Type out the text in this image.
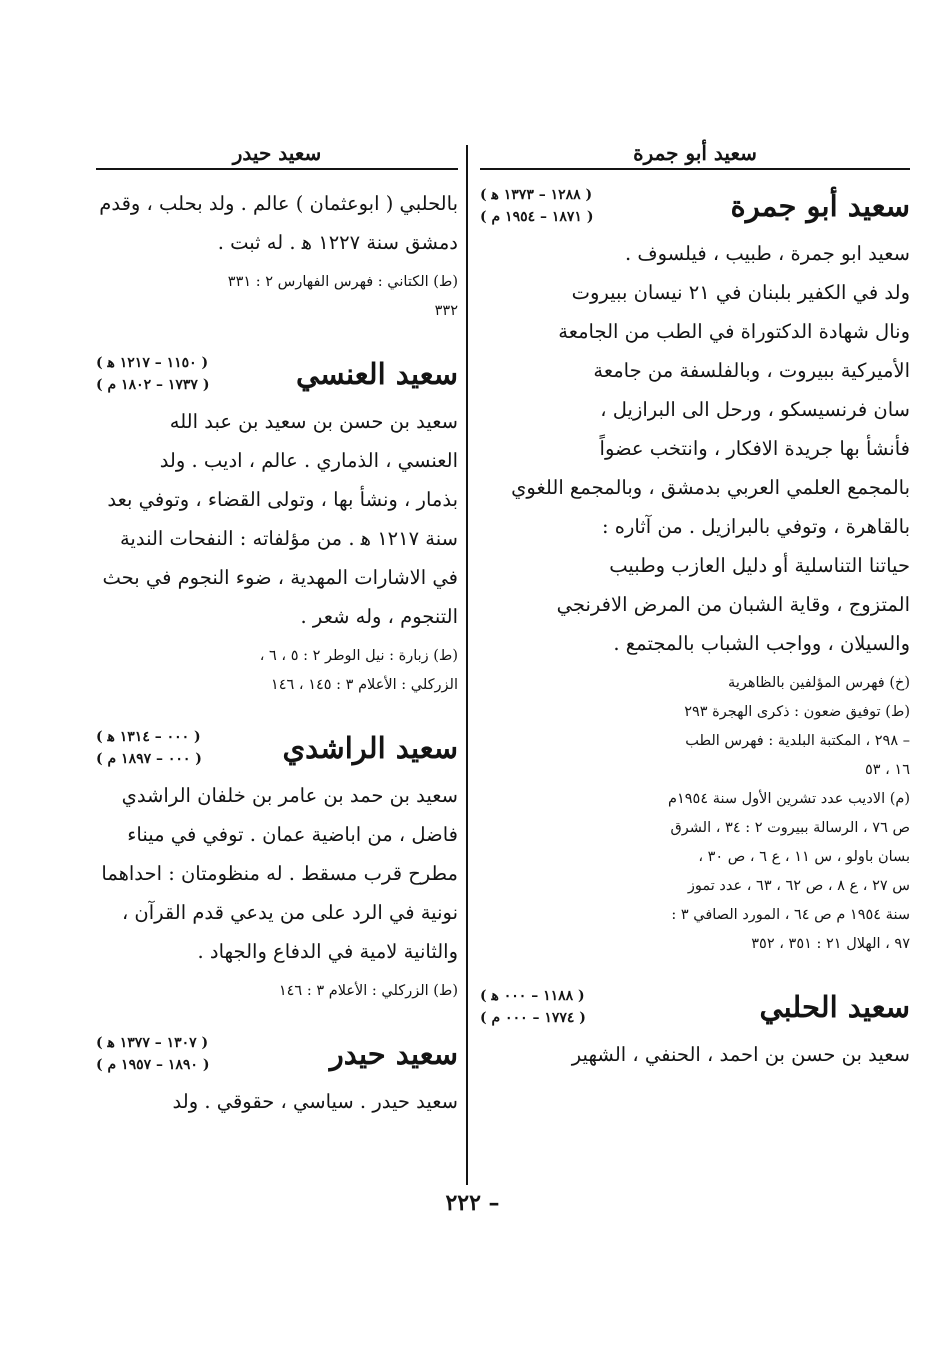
سعيد أبو جمرة
سعيد أبو جمرة
( ١٢٨٨ – ١٣٧٣ ﻫ )
( ١٨٧١ – ١٩٥٤ م )

سعيد ابو جمرة ، طبيب ، فيلسوف .

ولد في الكفير بلبنان في ٢١ نيسان ببيروت

ونال شهادة الدكتوراة في الطب من الجامعة

الأميركية ببيروت ، وبالفلسفة من جامعة

سان فرنسيسكو ، ورحل الى البرازيل ،

فأنشأ بها جريدة الافكار ، وانتخب عضواً

بالمجمع العلمي العربي بدمشق ، وبالمجمع اللغوي

بالقاهرة ، وتوفي بالبرازيل . من آثاره :

حياتنا التناسلية أو دليل العازب وطبيب

المتزوج ، وقاية الشبان من المرض الافرنجي

والسيلان ، وواجب الشباب بالمجتمع .

(خ) فهرس المؤلفين بالظاهرية

(ط) توفيق ضعون : ذكرى الهجرة ٢٩٣

– ٢٩٨ ، المكتبة البلدية : فهرس الطب

١٦ ، ٥٣

(م) الاديب عدد تشرين الأول سنة ١٩٥٤م

ص ٧٦ ، الرسالة ببيروت ٢ : ٣٤ ، الشرق

بسان باولو ، س ١١ ، ع ٦ ، ص ٣٠ ،

س ٢٧ ، ع ٨ ، ص ٦٢ ، ٦٣ ، عدد تموز

سنة ١٩٥٤ م ص ٦٤ ، المورد الصافي ٣ :

٩٧ ، الهلال ٢١ : ٣٥١ ، ٣٥٢

سعيد الحلبي
( ١١٨٨ – ٠٠٠ ﻫ )
( ١٧٧٤ – ٠٠٠ م )

سعيد بن حسن بن احمد ، الحنفي ، الشهير

سعيد حيدر

بالحلبي ( ابوعثمان ) عالم . ولد بحلب ، وقدم

دمشق سنة ١٢٢٧ ﻫ . له ثبت .

(ط) الكتاني : فهرس الفهارس ٢ : ٣٣١

٣٣٢

سعيد العنسي
( ١١٥٠ – ١٢١٧ ﻫ )
( ١٧٣٧ – ١٨٠٢ م )

سعيد بن حسن بن سعيد بن عبد الله

العنسي ، الذماري . عالم ، اديب . ولد

بذمار ، ونشأ بها ، وتولى القضاء ، وتوفي بعد

سنة ١٢١٧ ﻫ . من مؤلفاته : النفحات الندية

في الاشارات المهدية ، ضوء النجوم في بحث

التنجوم ، وله شعر .

(ط) زبارة : نيل الوطر ٢ : ٥ ، ٦ ،

الزركلي : الأعلام ٣ : ١٤٥ ، ١٤٦

سعيد الراشدي
( ٠٠٠ – ١٣١٤ ﻫ )
( ٠٠٠ – ١٨٩٧ م )

سعيد بن حمد بن عامر بن خلفان الراشدي

فاضل ، من اباضية عمان . توفي في ميناء

مطرح قرب مسقط . له منظومتان : احداهما

نونية في الرد على من يدعي قدم القرآن ،

والثانية لامية في الدفاع والجهاد .

(ط) الزركلي : الأعلام ٣ : ١٤٦

سعيد حيدر
( ١٣٠٧ – ١٣٧٧ ﻫ )
( ١٨٩٠ – ١٩٥٧ م )

سعيد حيدر . سياسي ، حقوقي . ولد

– ٢٢٢
